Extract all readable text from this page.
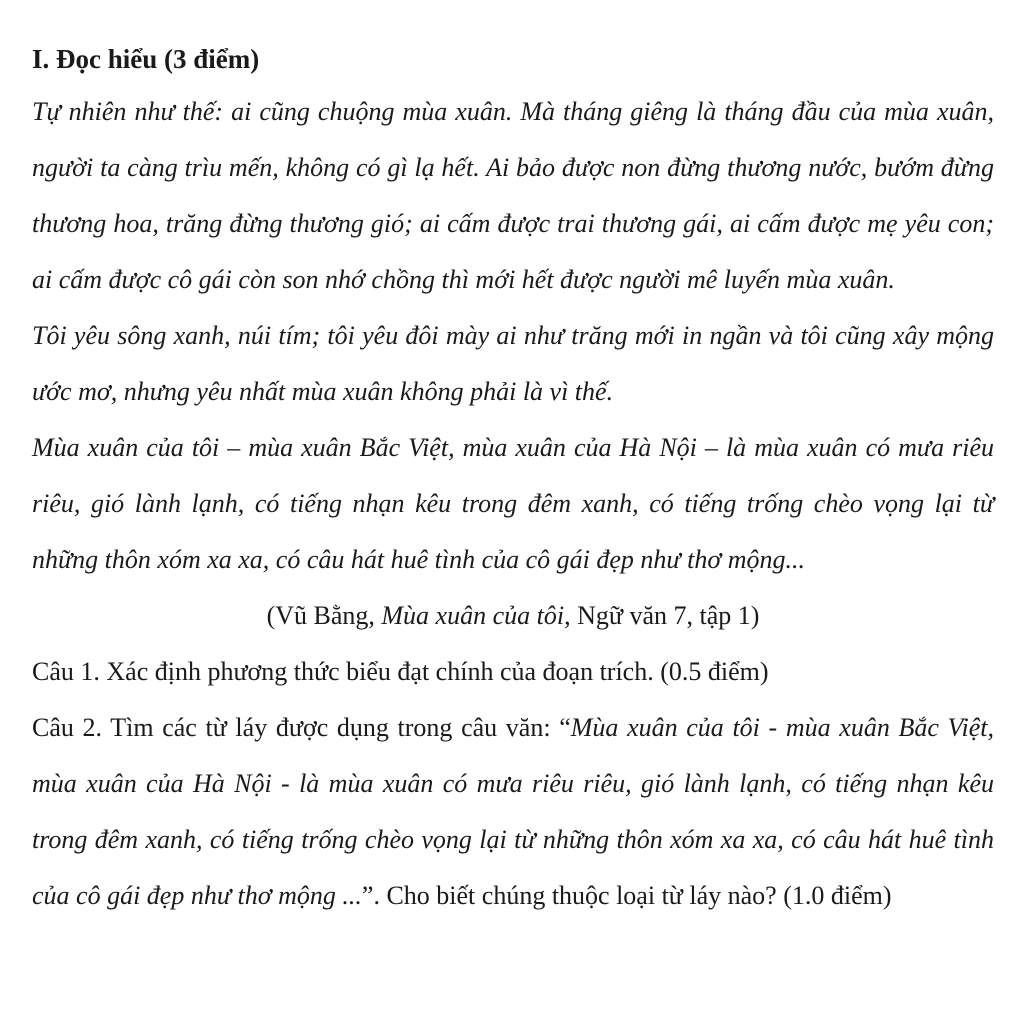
I. Đọc hiểu (3 điểm)

Tự nhiên như thế: ai cũng chuộng mùa xuân. Mà tháng giêng là tháng đầu của mùa xuân, người ta càng trìu mến, không có gì lạ hết. Ai bảo được non đừng thương nước, bướm đừng thương hoa, trăng đừng thương gió; ai cấm được trai thương gái, ai cấm được mẹ yêu con; ai cấm được cô gái còn son nhớ chồng thì mới hết được người mê luyến mùa xuân.

Tôi yêu sông xanh, núi tím; tôi yêu đôi mày ai như trăng mới in ngần và tôi cũng xây mộng ước mơ, nhưng yêu nhất mùa xuân không phải là vì thế.

Mùa xuân của tôi – mùa xuân Bắc Việt, mùa xuân của Hà Nội – là mùa xuân có mưa riêu riêu, gió lành lạnh, có tiếng nhạn kêu trong đêm xanh, có tiếng trống chèo vọng lại từ những thôn xóm xa xa, có câu hát huê tình của cô gái đẹp như thơ mộng...

(Vũ Bằng, Mùa xuân của tôi, Ngữ văn 7, tập 1)

Câu 1. Xác định phương thức biểu đạt chính của đoạn trích. (0.5 điểm)

Câu 2. Tìm các từ láy được dụng trong câu văn: “Mùa xuân của tôi - mùa xuân Bắc Việt, mùa xuân của Hà Nội - là mùa xuân có mưa riêu riêu, gió lành lạnh, có tiếng nhạn kêu trong đêm xanh, có tiếng trống chèo vọng lại từ những thôn xóm xa xa, có câu hát huê tình của cô gái đẹp như thơ mộng ...”. Cho biết chúng thuộc loại từ láy nào? (1.0 điểm)
